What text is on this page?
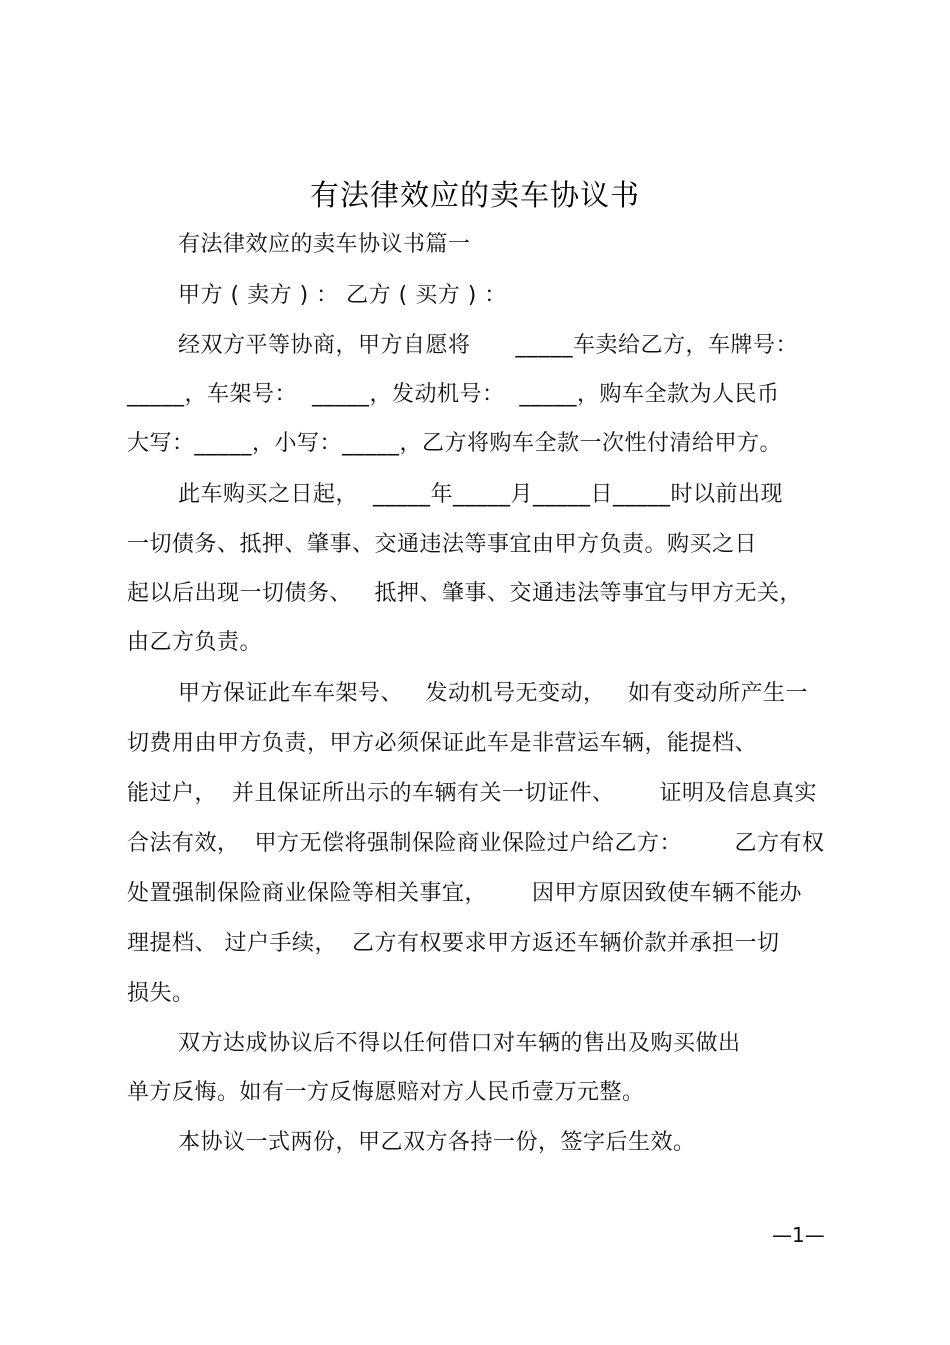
有法律效应的卖车协议书
有法律效应的卖车协议书篇一
甲方 ( 卖方 ) ： 乙方 ( 买方 ) ：
经双方平等协商，甲方自愿将      _____车卖给乙方，车牌号：
_____，车架号：  _____，发动机号：  _____，购车全款为人民币
大写：_____，小写：_____，乙方将购车全款一次性付清给甲方。
此车购买之日起，  _____年_____月_____日_____时以前出现
一切债务、抵押、肇事、交通违法等事宜由甲方负责。购买之日
起以后出现一切债务、   抵押、肇事、交通违法等事宜与甲方无关，
由乙方负责。
甲方保证此车车架号、   发动机号无变动，   如有变动所产生一
切费用由甲方负责，甲方必须保证此车是非营运车辆，能提档、
能过户，  并且保证所出示的车辆有关一切证件、      证明及信息真实
合法有效，  甲方无偿将强制保险商业保险过户给乙方：       乙方有权
处置强制保险商业保险等相关事宜，      因甲方原因致使车辆不能办
理提档、 过户手续，  乙方有权要求甲方返还车辆价款并承担一切
损失。
双方达成协议后不得以任何借口对车辆的售出及购买做出
单方反悔。如有一方反悔愿赔对方人民币壹万元整。
本协议一式两份，甲乙双方各持一份，签字后生效。
—1—
